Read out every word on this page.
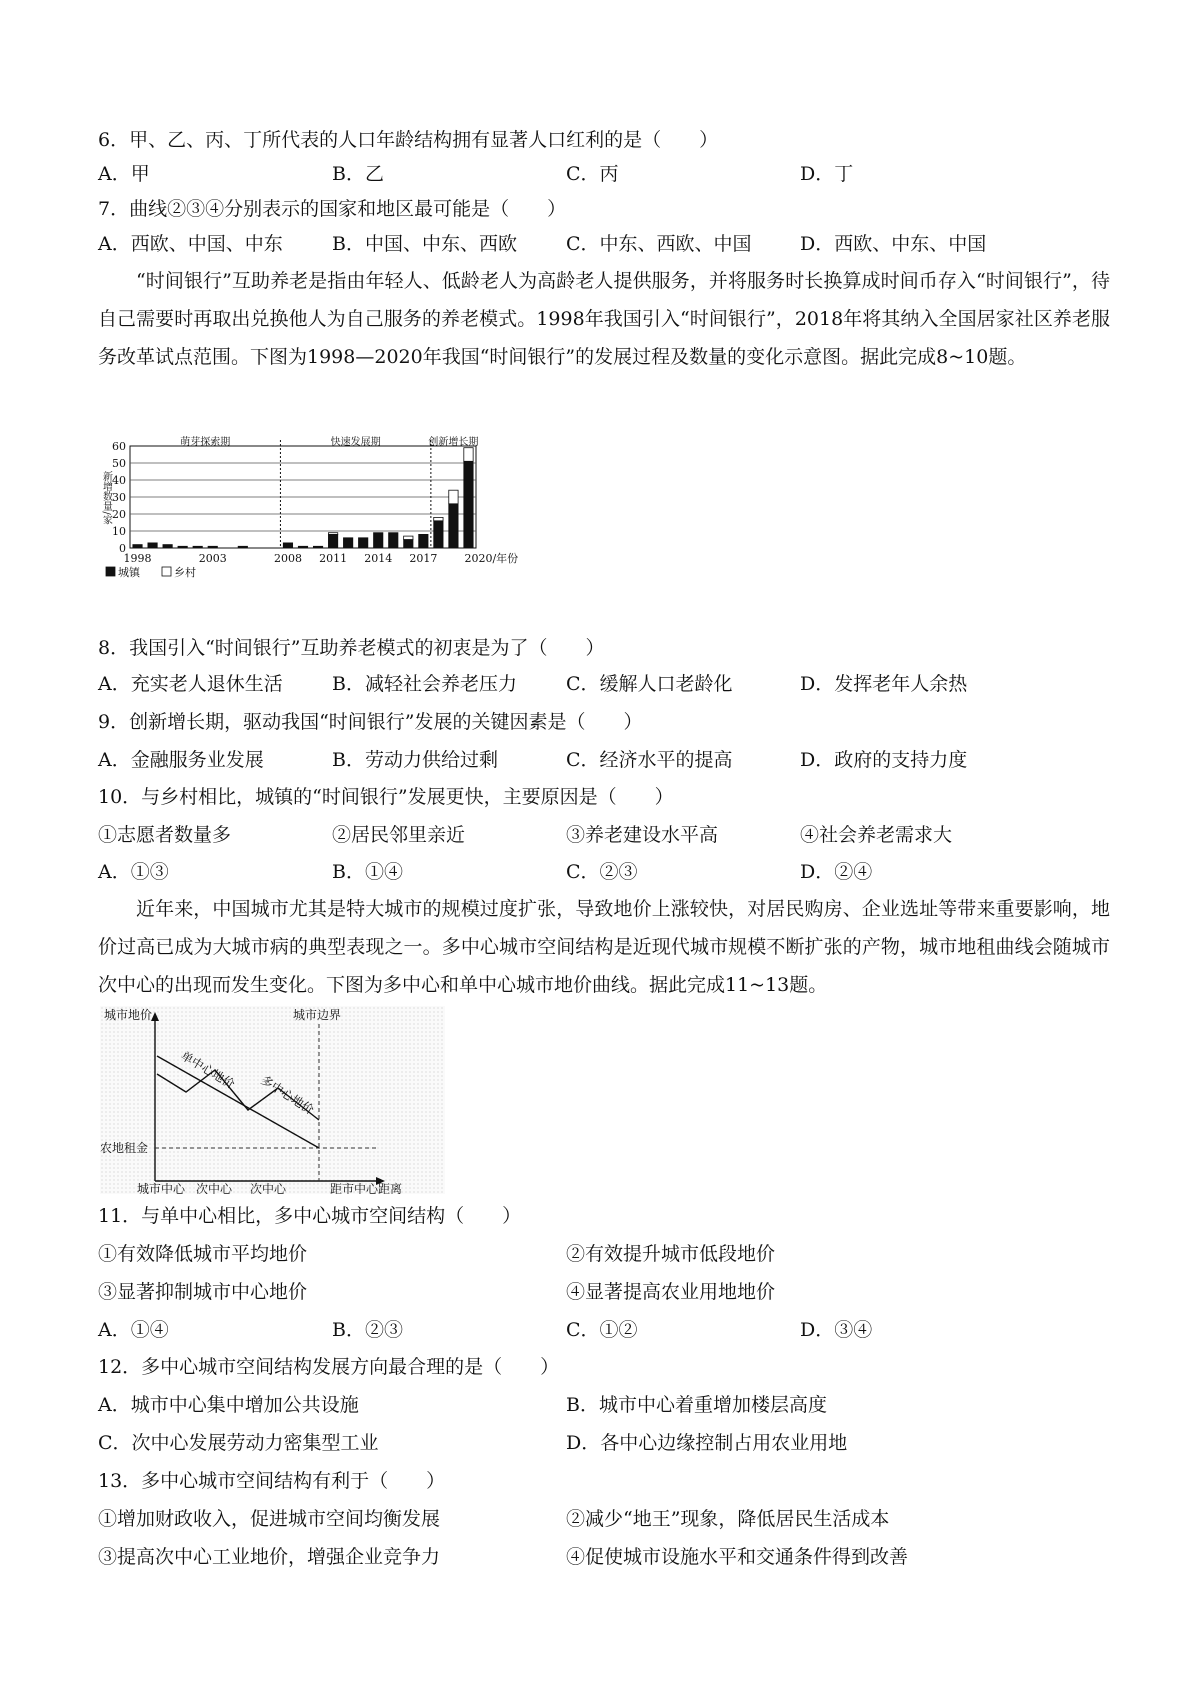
6．甲、乙、丙、丁所代表的人口年龄结构拥有显著人口红利的是（　　）
A．甲	B．乙	C．丙	D．丁
7．曲线②③④分别表示的国家和地区最可能是（　　）
A．西欧、中国、中东	B．中国、中东、西欧	C．中东、西欧、中国	D．西欧、中东、中国

“时间银行”互助养老是指由年轻人、低龄老人为高龄老人提供服务，并将服务时长换算成时间币存入“时间银行”，待自己需要时再取出兑换他人为自己服务的养老模式。1998年我国引入“时间银行”，2018年将其纳入全国居家社区养老服务改革试点范围。下图为1998—2020年我国“时间银行”的发展过程及数量的变化示意图。据此完成8~10题。

0
10
20
30
40
50
60
新增数量/家
萌芽探索期	快速发展期	创新增长期
1998	2003	2008 2011 2014 2017 2020/年份
城镇	乡村
8．我国引入“时间银行”互助养老模式的初衷是为了（　　）
A．充实老人退休生活	B．减轻社会养老压力	C．缓解人口老龄化	D．发挥老年人余热
9．创新增长期，驱动我国“时间银行”发展的关键因素是（　　）
A．金融服务业发展	B．劳动力供给过剩	C．经济水平的提高	D．政府的支持力度
10．与乡村相比，城镇的“时间银行”发展更快，主要原因是（　　）
①志愿者数量多	②居民邻里亲近	③养老建设水平高	④社会养老需求大
A．①③	B．①④	C．②③	D．②④

近年来，中国城市尤其是特大城市的规模过度扩张，导致地价上涨较快，对居民购房、企业选址等带来重要影响，地价过高已成为大城市病的典型表现之一。多中心城市空间结构是近现代城市规模不断扩张的产物，城市地租曲线会随城市次中心的出现而发生变化。下图为多中心和单中心城市地价曲线。据此完成11~13题。

城市地价	城市边界
单中心地价
多中心地价
农地租金
城市中心 次中心 次中心	距市中心距离
11．与单中心相比，多中心城市空间结构（　　）
①有效降低城市平均地价	②有效提升城市低段地价
③显著抑制城市中心地价	④显著提高农业用地地价
A．①④	B．②③	C．①②	D．③④
12．多中心城市空间结构发展方向最合理的是（　　）
A．城市中心集中增加公共设施	B．城市中心着重增加楼层高度
C．次中心发展劳动力密集型工业	D．各中心边缘控制占用农业用地
13．多中心城市空间结构有利于（　　）
①增加财政收入，促进城市空间均衡发展	②减少“地王”现象，降低居民生活成本
③提高次中心工业地价，增强企业竞争力	④促使城市设施水平和交通条件得到改善
